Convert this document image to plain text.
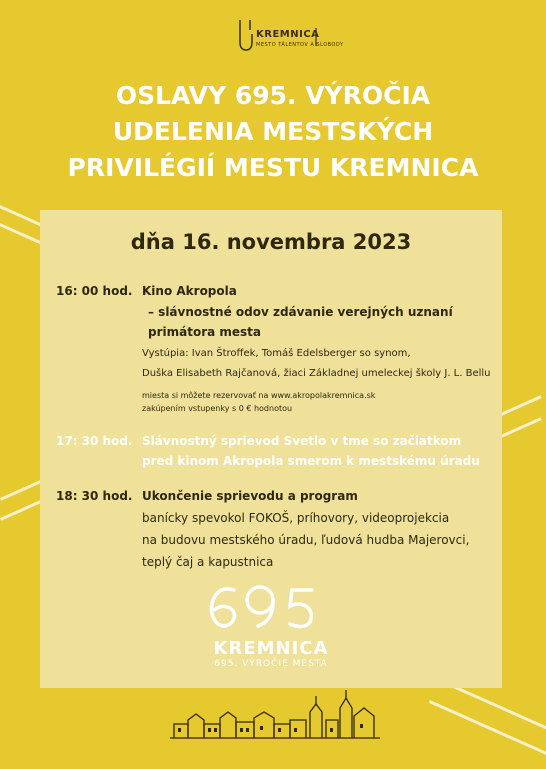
KREMNICA
MESTO TÁLENTOV A SLOBODY
OSLAVY 695. VÝROČIA
UDELENIA MESTSKÝCH
PRIVILÉGIÍ MESTU KREMNICA
dňa 16. novembra 2023
16: 00 hod. Kino Akropola
– slávnostné odov zdávanie verejných uznaní
primátora mesta
Vystúpia: Ivan Štroffek, Tomáš Edelsberger so synom,
Duška Elisabeth Rajčanová, žiaci Základnej umeleckej školy J. L. Bellu
miesta si môžete rezervovať na www.akropolakremnica.sk
zakúpením vstupenky s 0 € hodnotou
17: 30 hod. Slávnostný sprievod Svetlo v tme so začiatkom
pred kinom Akropola smerom k mestskému úradu
18: 30 hod. Ukončenie sprievodu a program
banícky spevokol FOKOŠ, príhovory, videoprojekcia
na budovu mestského úradu, ľudová hudba Majerovci,
teplý čaj a kapustnica
KREMNICA
695. VÝROČIE MESTA
